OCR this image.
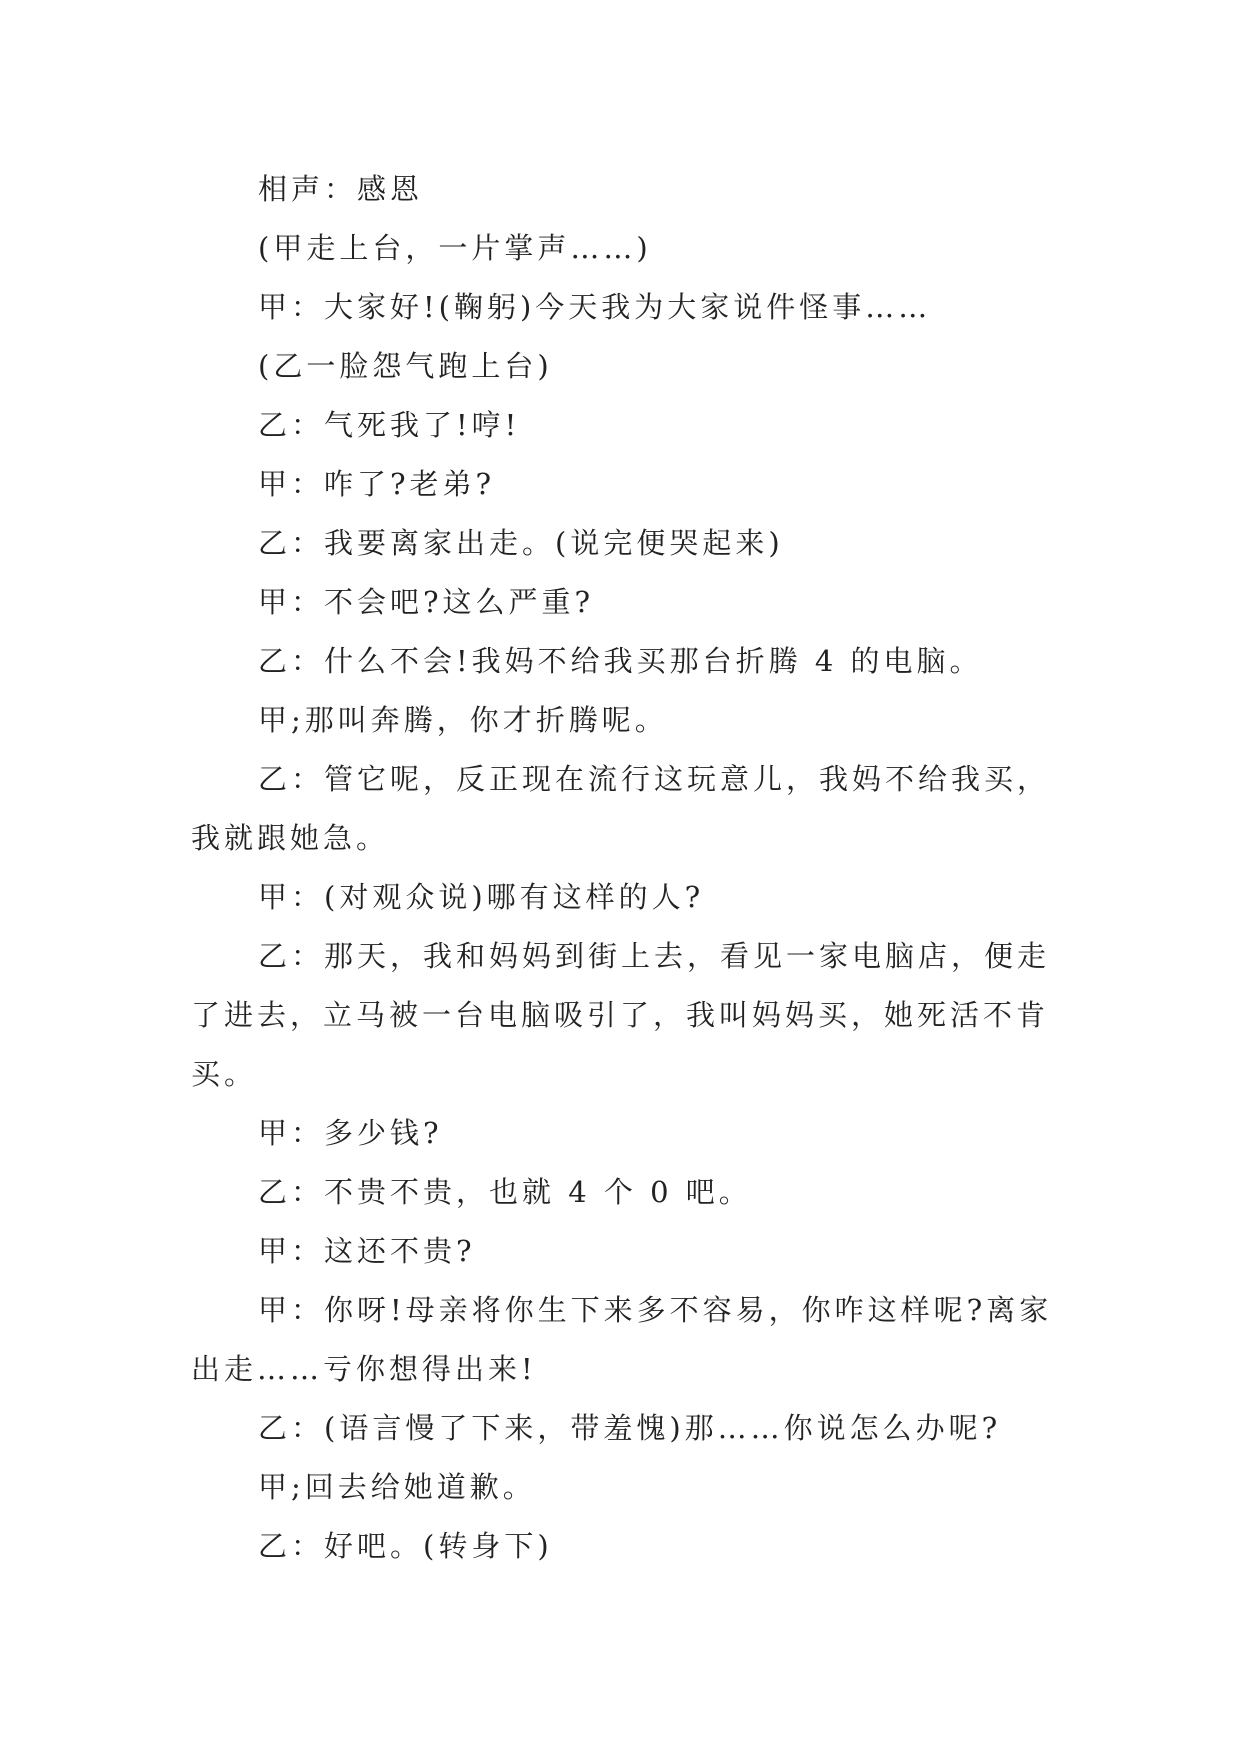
相声：感恩

(甲走上台，一片掌声……)

甲：大家好!(鞠躬)今天我为大家说件怪事……

(乙一脸怨气跑上台)

乙：气死我了!哼!

甲：咋了?老弟?

乙：我要离家出走。(说完便哭起来)

甲：不会吧?这么严重?

乙：什么不会!我妈不给我买那台折腾 4 的电脑。

甲;那叫奔腾，你才折腾呢。

乙：管它呢，反正现在流行这玩意儿，我妈不给我买，我就跟她急。

甲：(对观众说)哪有这样的人?

乙：那天，我和妈妈到街上去，看见一家电脑店，便走了进去，立马被一台电脑吸引了，我叫妈妈买，她死活不肯买。

甲：多少钱?

乙：不贵不贵，也就 4 个 0 吧。

甲：这还不贵?

甲：你呀!母亲将你生下来多不容易，你咋这样呢?离家出走……亏你想得出来!

乙：(语言慢了下来，带羞愧)那……你说怎么办呢?

甲;回去给她道歉。

乙：好吧。(转身下)
